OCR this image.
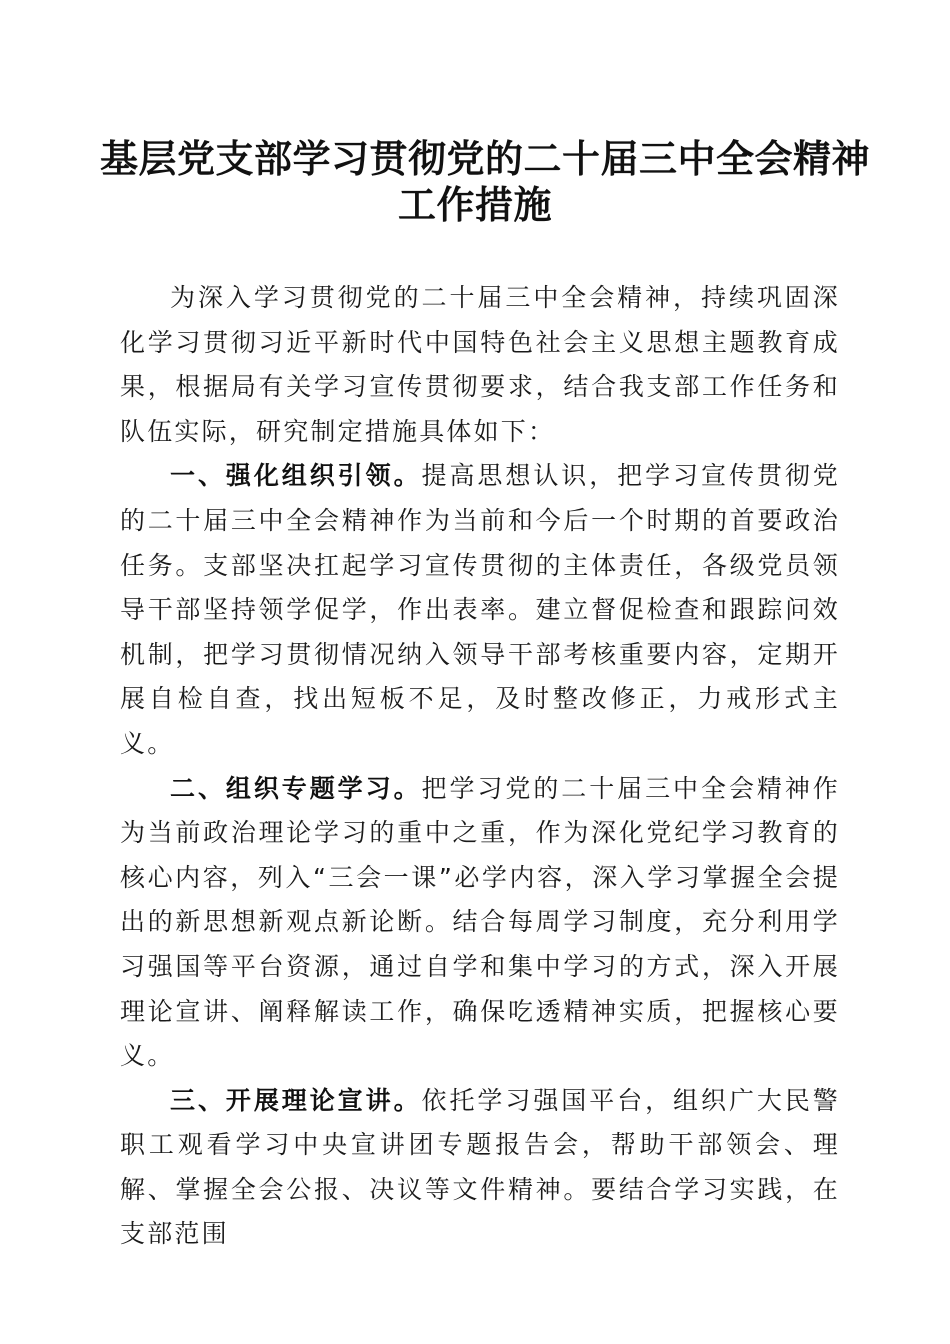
基层党支部学习贯彻党的二十届三中全会精神
工作措施

为深入学习贯彻党的二十届三中全会精神，持续巩固深化学习贯彻习近平新时代中国特色社会主义思想主题教育成果，根据局有关学习宣传贯彻要求，结合我支部工作任务和队伍实际，研究制定措施具体如下：

一、强化组织引领。提高思想认识，把学习宣传贯彻党的二十届三中全会精神作为当前和今后一个时期的首要政治任务。支部坚决扛起学习宣传贯彻的主体责任，各级党员领导干部坚持领学促学，作出表率。建立督促检查和跟踪问效机制，把学习贯彻情况纳入领导干部考核重要内容，定期开展自检自查，找出短板不足，及时整改修正，力戒形式主义。

二、组织专题学习。把学习党的二十届三中全会精神作为当前政治理论学习的重中之重，作为深化党纪学习教育的核心内容，列入“三会一课”必学内容，深入学习掌握全会提出的新思想新观点新论断。结合每周学习制度，充分利用学习强国等平台资源，通过自学和集中学习的方式，深入开展理论宣讲、阐释解读工作，确保吃透精神实质，把握核心要义。

三、开展理论宣讲。依托学习强国平台，组织广大民警职工观看学习中央宣讲团专题报告会，帮助干部领会、理解、掌握全会公报、决议等文件精神。要结合学习实践，在支部范围
